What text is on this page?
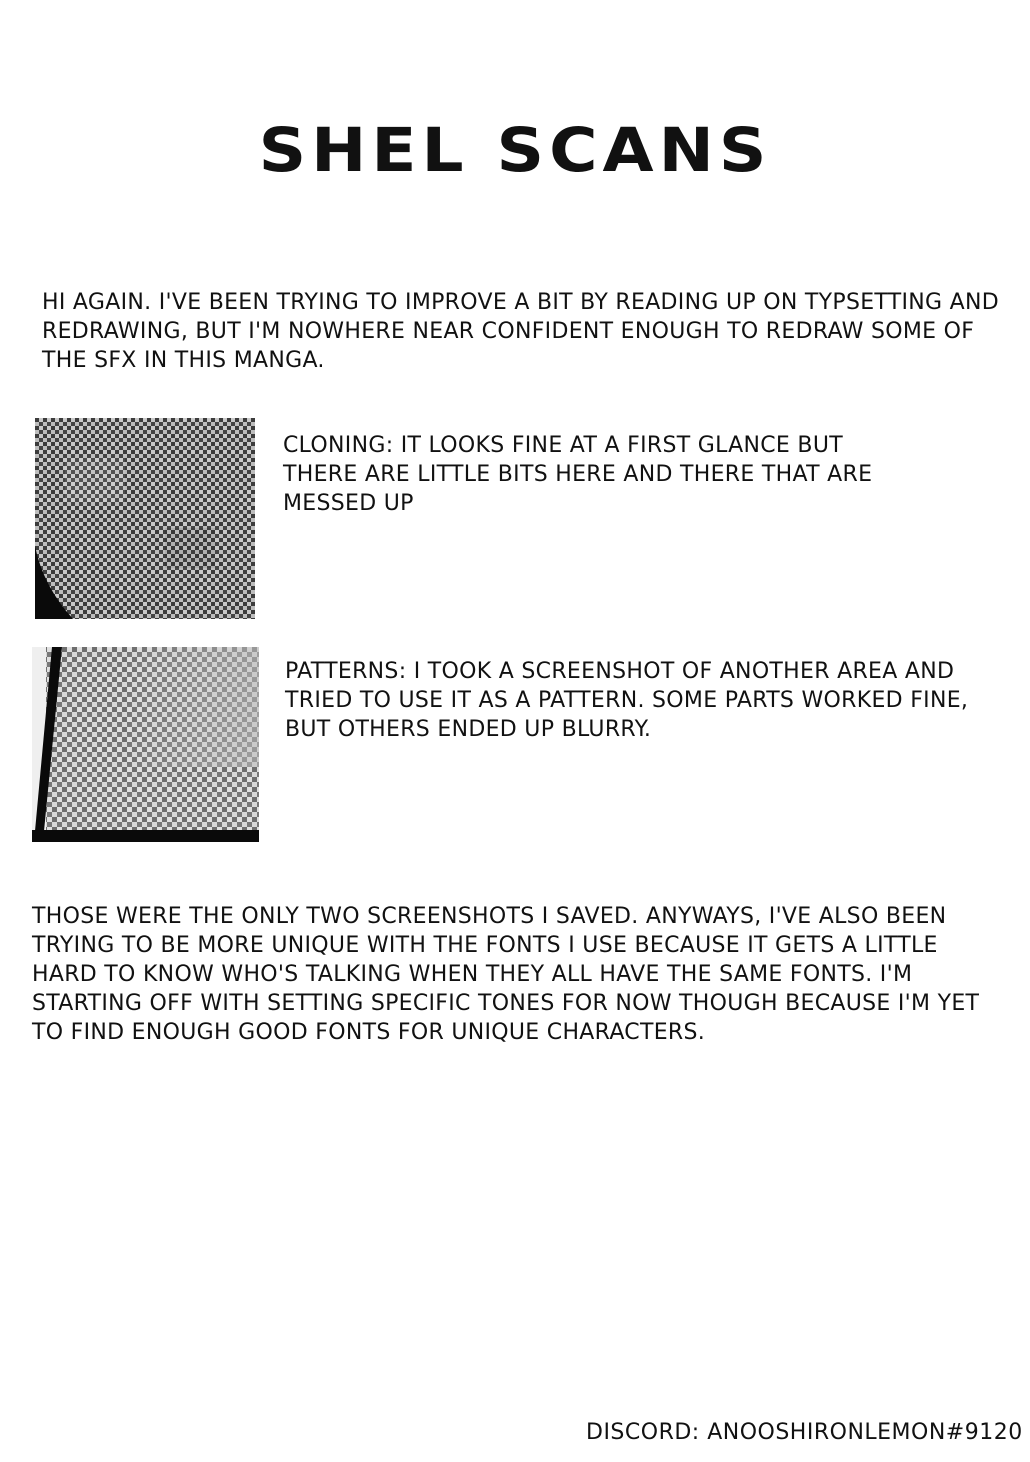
SHEL SCANS

HI AGAIN. I'VE BEEN TRYING TO IMPROVE A BIT BY READING UP ON TYPSETTING AND REDRAWING, BUT I'M NOWHERE NEAR CONFIDENT ENOUGH TO REDRAW SOME OF THE SFX IN THIS MANGA.

CLONING: IT LOOKS FINE AT A FIRST GLANCE BUT THERE ARE LITTLE BITS HERE AND THERE THAT ARE MESSED UP

PATTERNS: I TOOK A SCREENSHOT OF ANOTHER AREA AND TRIED TO USE IT AS A PATTERN. SOME PARTS WORKED FINE, BUT OTHERS ENDED UP BLURRY.

THOSE WERE THE ONLY TWO SCREENSHOTS I SAVED. ANYWAYS, I'VE ALSO BEEN TRYING TO BE MORE UNIQUE WITH THE FONTS I USE BECAUSE IT GETS A LITTLE HARD TO KNOW WHO'S TALKING WHEN THEY ALL HAVE THE SAME FONTS. I'M STARTING OFF WITH SETTING SPECIFIC TONES FOR NOW THOUGH BECAUSE I'M YET TO FIND ENOUGH GOOD FONTS FOR UNIQUE CHARACTERS.

DISCORD: ANOOSHIRONLEMON#9120
